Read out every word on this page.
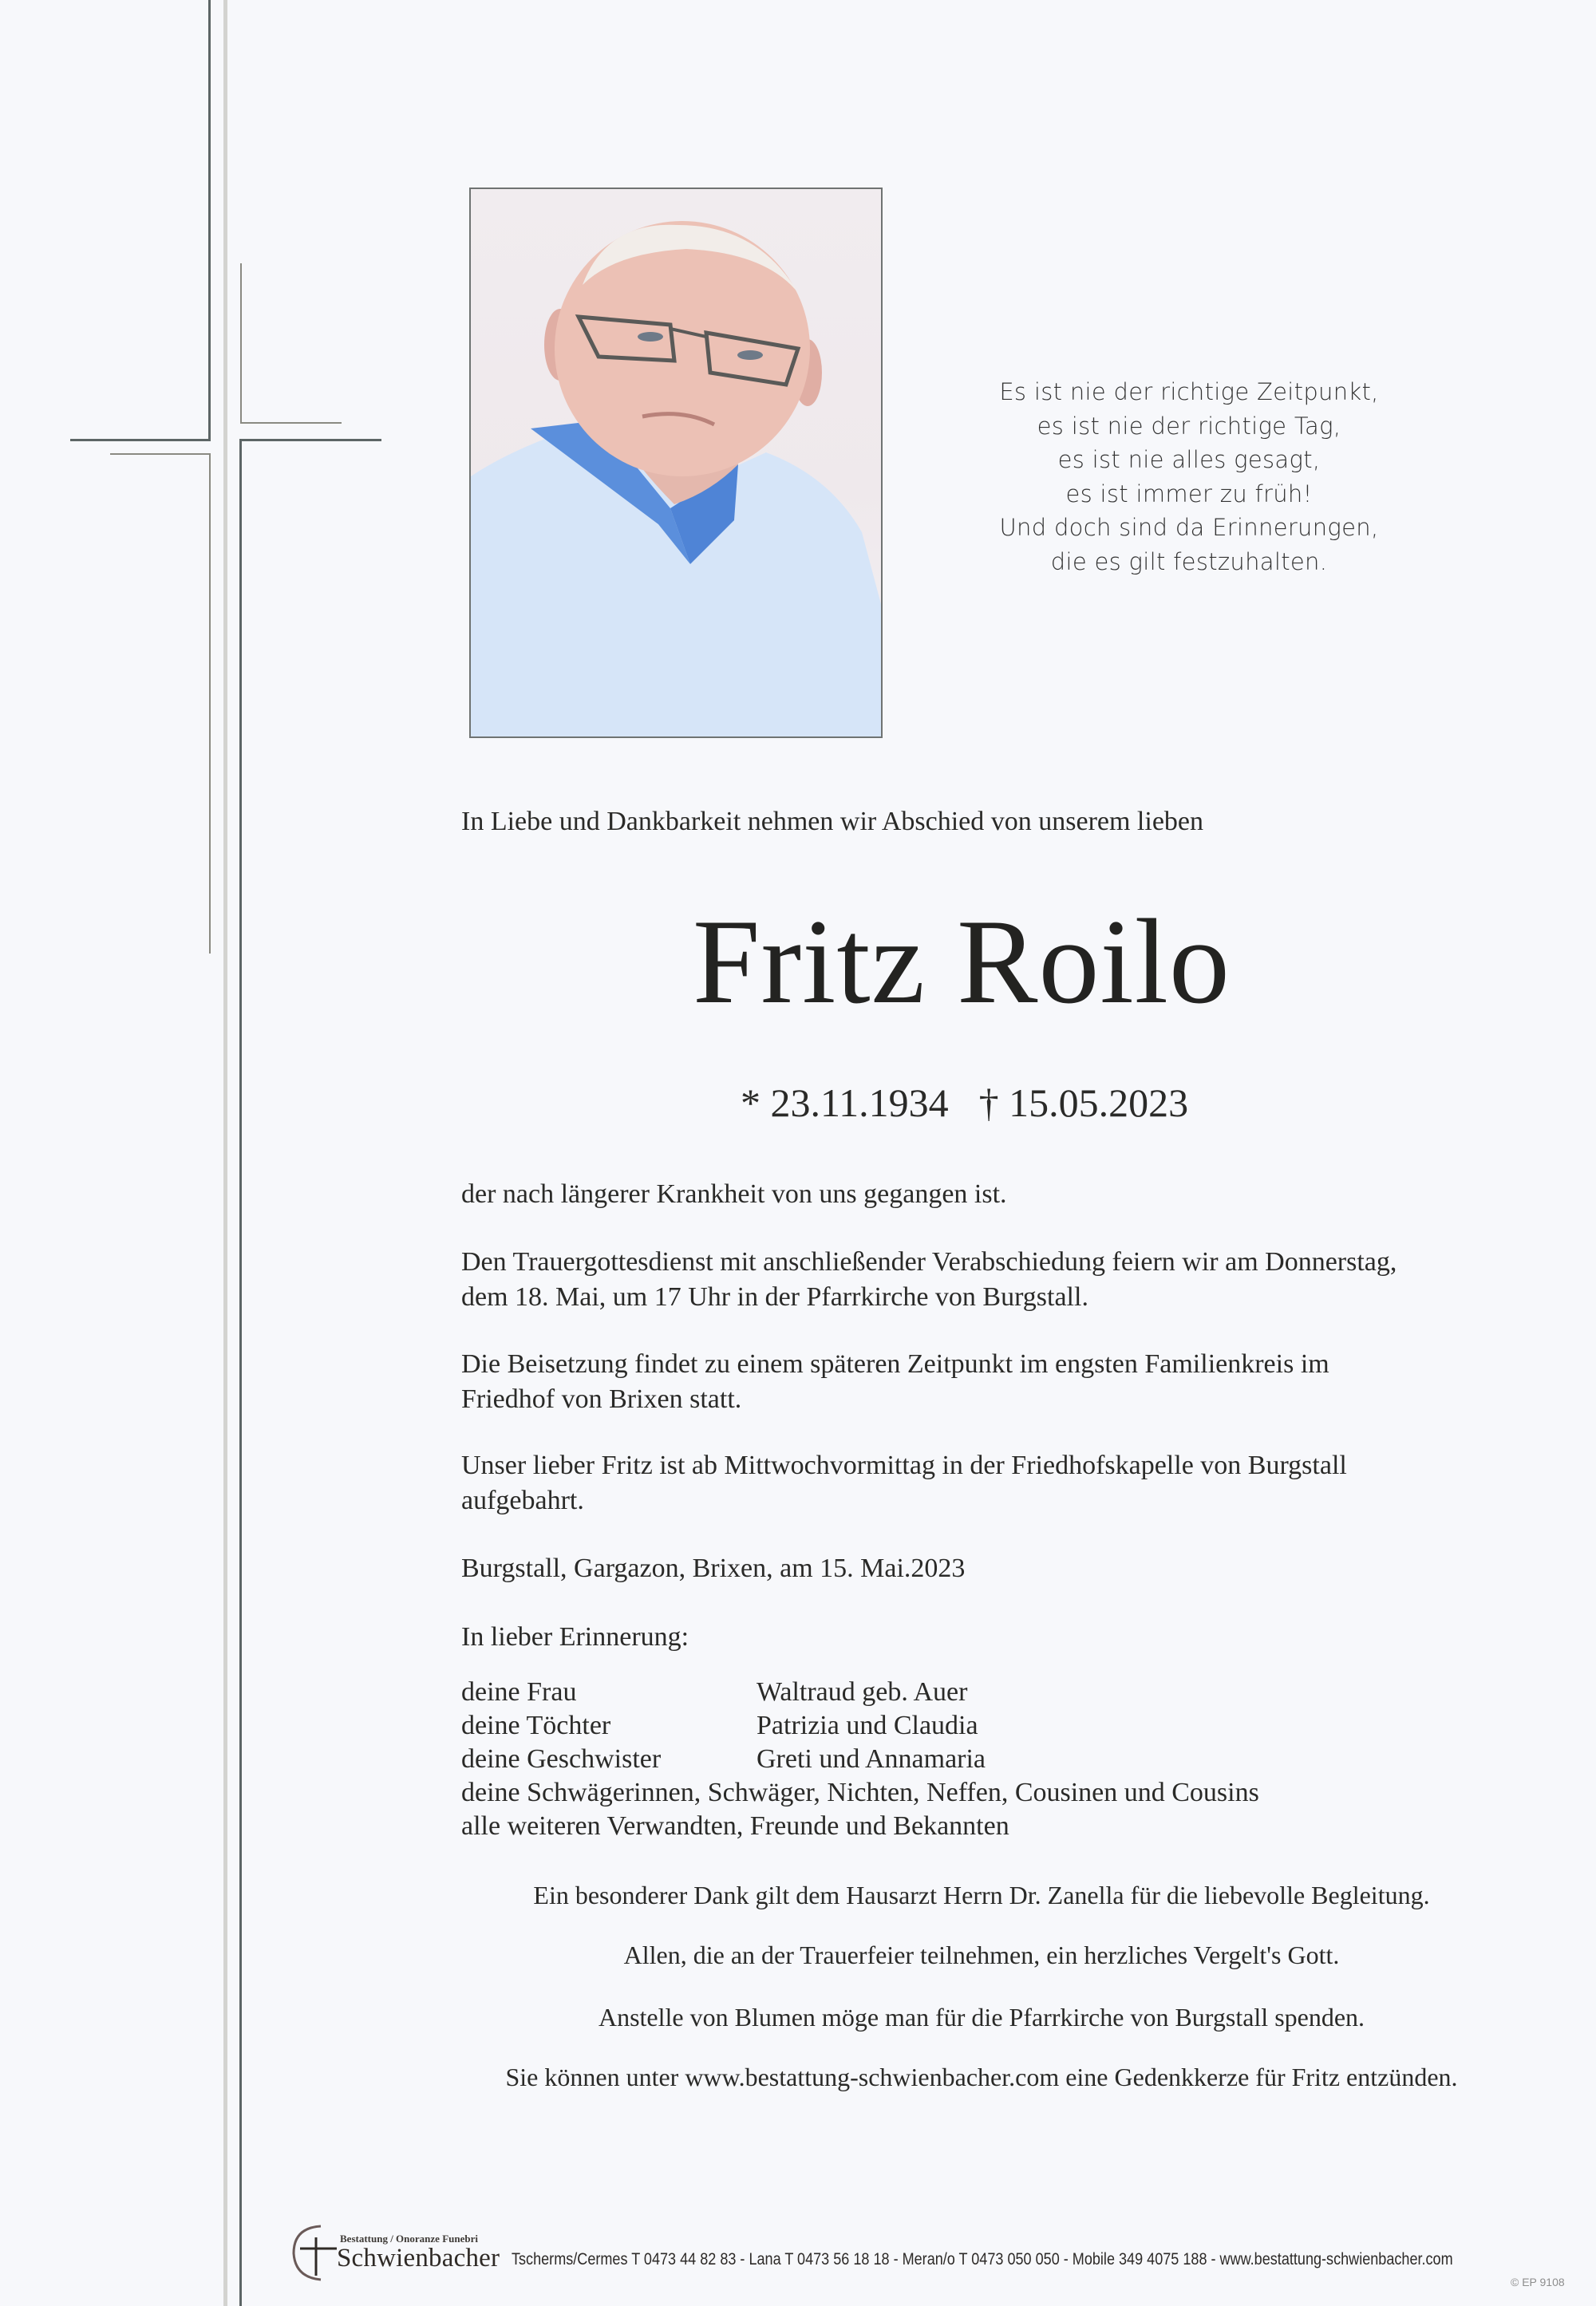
Es ist nie der richtige Zeitpunkt,
es ist nie der richtige Tag,
es ist nie alles gesagt,
es ist immer zu früh!
Und doch sind da Erinnerungen,
die es gilt festzuhalten.
In Liebe und Dankbarkeit nehmen wir Abschied von unserem lieben
Fritz Roilo
* 23.11.1934 † 15.05.2023
der nach längerer Krankheit von uns gegangen ist.
Den Trauergottesdienst mit anschließender Verabschiedung feiern wir am Donnerstag,
dem 18. Mai, um 17 Uhr in der Pfarrkirche von Burgstall.
Die Beisetzung findet zu einem späteren Zeitpunkt im engsten Familienkreis im
Friedhof von Brixen statt.
Unser lieber Fritz ist ab Mittwochvormittag in der Friedhofskapelle von Burgstall
aufgebahrt.
Burgstall, Gargazon, Brixen, am 15. Mai.2023
In lieber Erinnerung:
deine Frau	Waltraud geb. Auer
deine Töchter	Patrizia und Claudia
deine Geschwister	Greti und Annamaria
deine Schwägerinnen, Schwäger, Nichten, Neffen, Cousinen und Cousins
alle weiteren Verwandten, Freunde und Bekannten
Ein besonderer Dank gilt dem Hausarzt Herrn Dr. Zanella für die liebevolle Begleitung.
Allen, die an der Trauerfeier teilnehmen, ein herzliches Vergelt's Gott.
Anstelle von Blumen möge man für die Pfarrkirche von Burgstall spenden.
Sie können unter www.bestattung-schwienbacher.com eine Gedenkkerze für Fritz entzünden.
Bestattung / Onoranze Funebri
Schwienbacher Tscherms/Cermes T 0473 44 82 83 - Lana T 0473 56 18 18 - Meran/o T 0473 050 050 - Mobile 349 4075 188 - www.bestattung-schwienbacher.com
© EP 9108
